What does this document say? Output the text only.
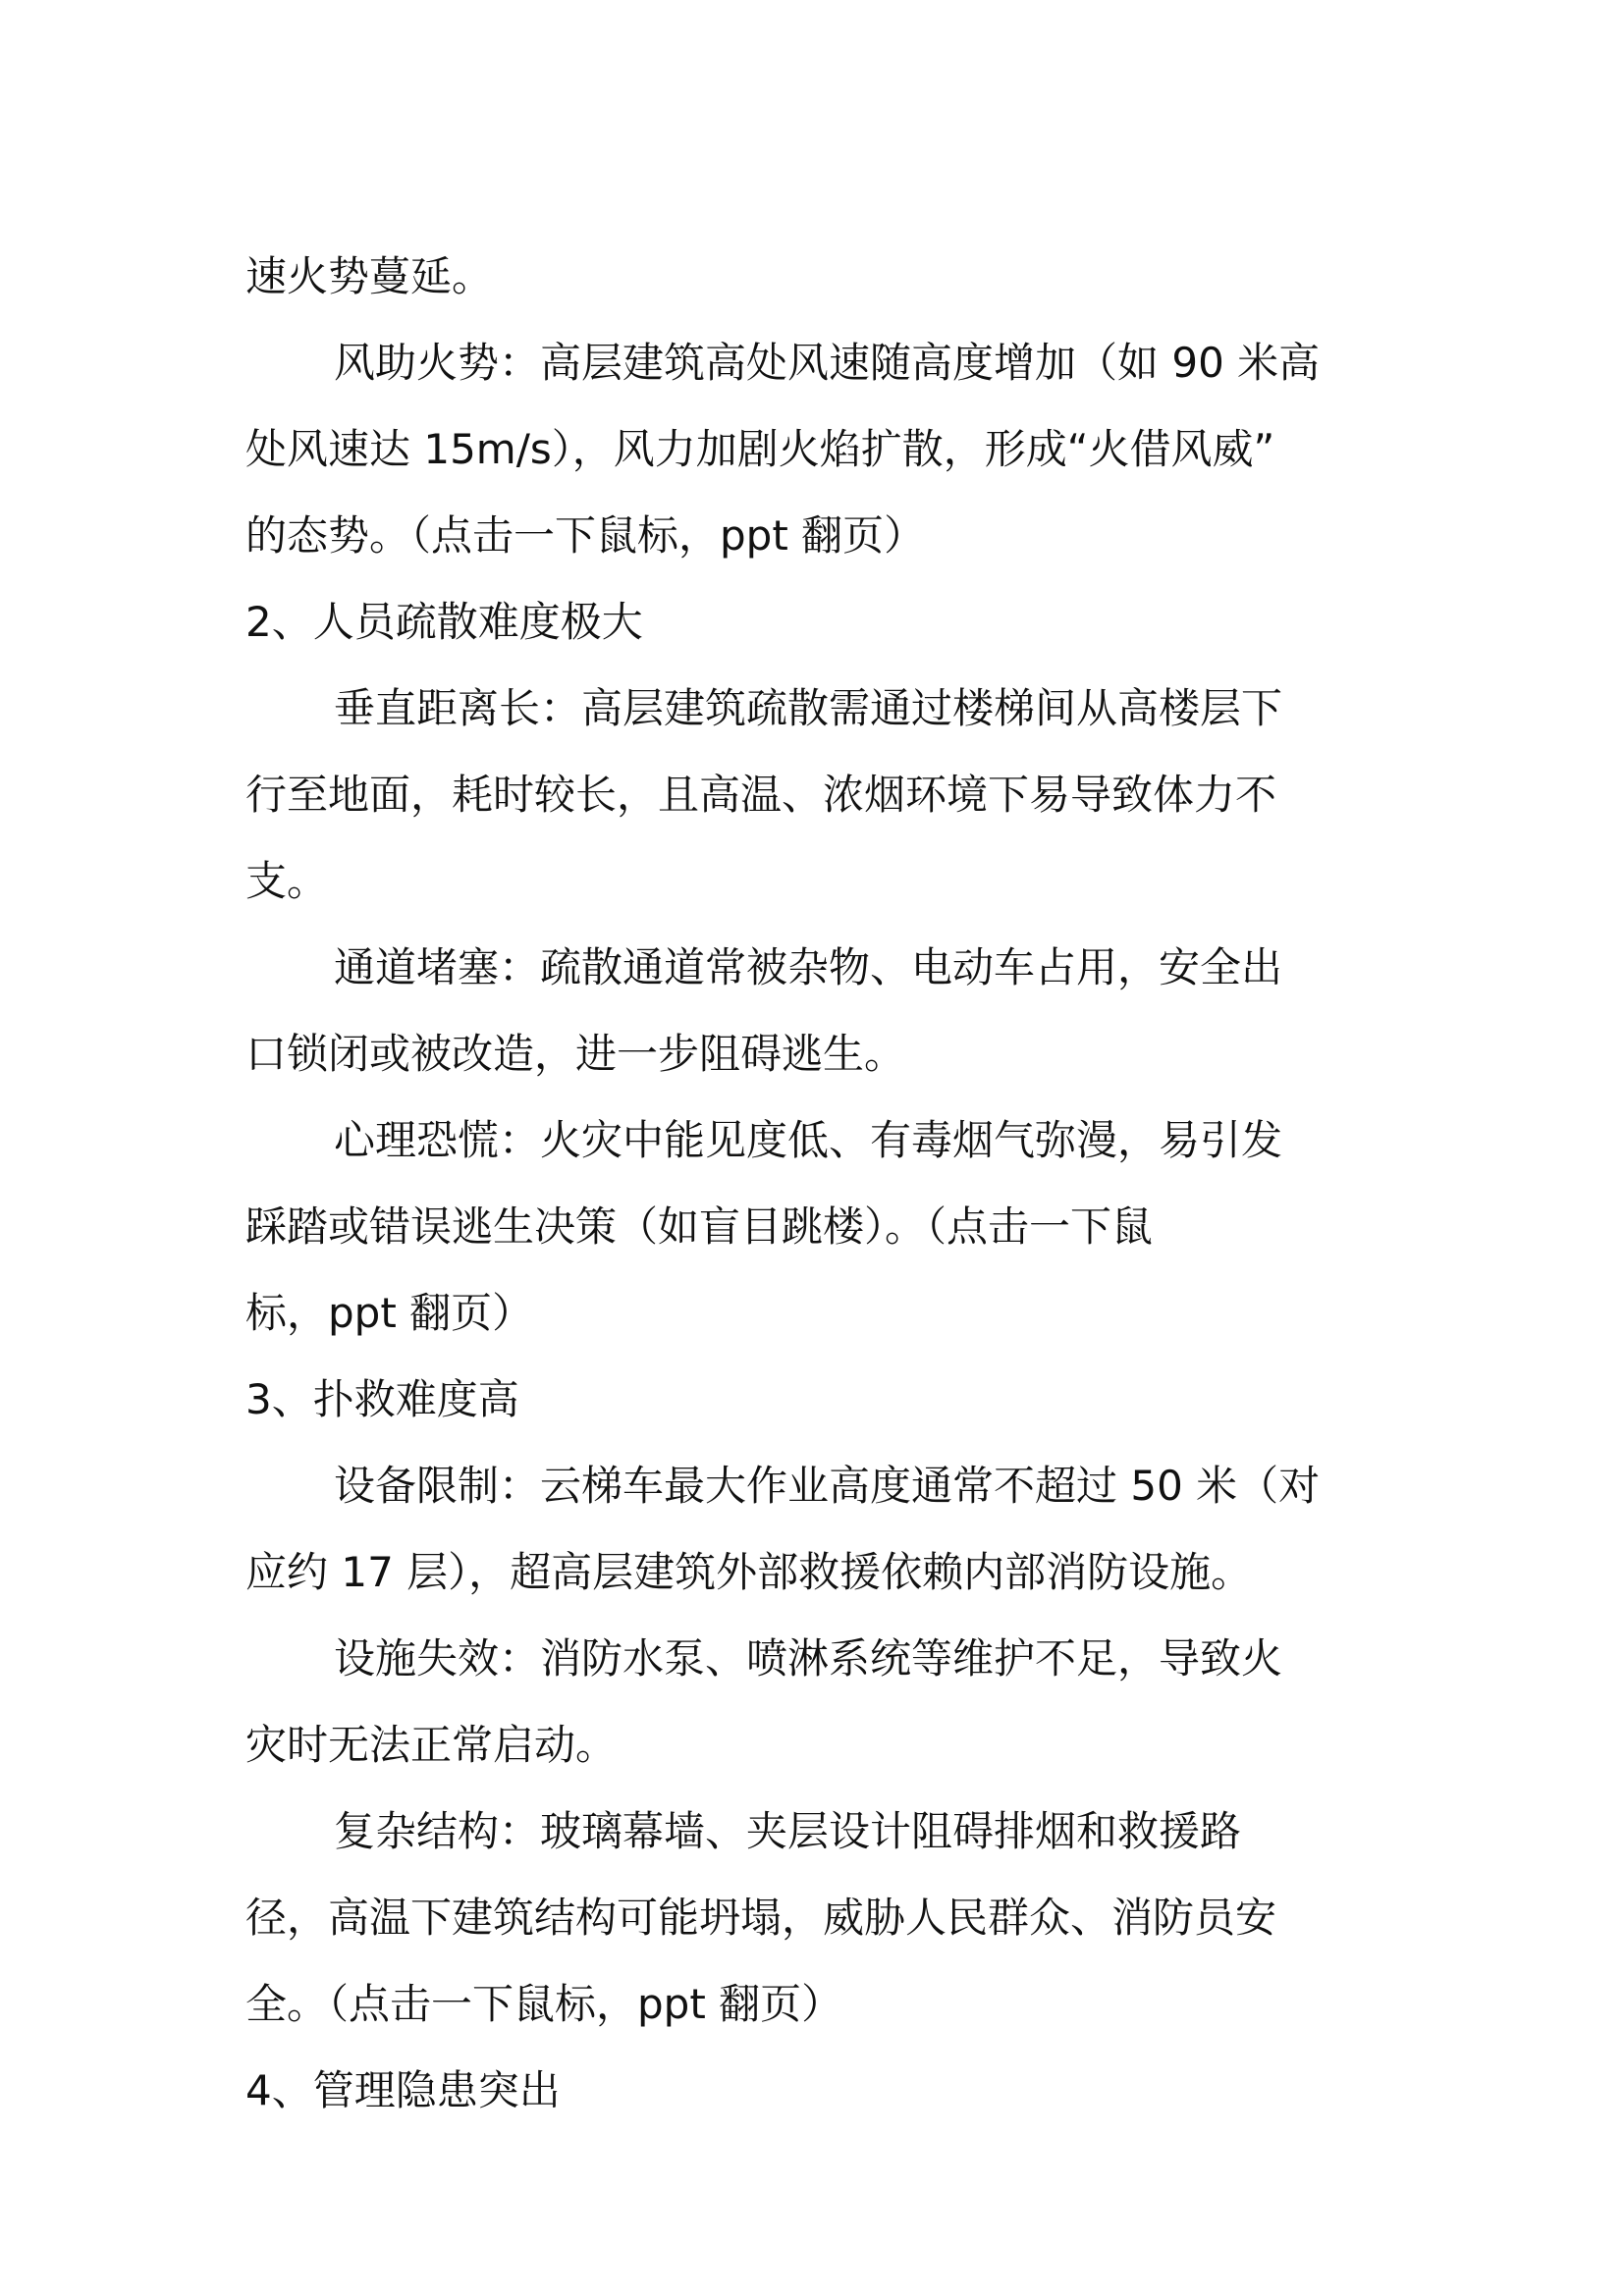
速火势蔓延。

风助火势：高层建筑高处风速随高度增加（如 90 米高

处风速达 15m/s），风力加剧火焰扩散，形成“火借风威”

的态势。（点击一下鼠标，ppt 翻页）

2、人员疏散难度极大

垂直距离长：高层建筑疏散需通过楼梯间从高楼层下

行至地面，耗时较长，且高温、浓烟环境下易导致体力不

支。

通道堵塞：疏散通道常被杂物、电动车占用，安全出

口锁闭或被改造，进一步阻碍逃生。

心理恐慌：火灾中能见度低、有毒烟气弥漫，易引发

踩踏或错误逃生决策（如盲目跳楼）。（点击一下鼠

标，ppt 翻页）

3、扑救难度高

设备限制：云梯车最大作业高度通常不超过 50 米（对

应约 17 层），超高层建筑外部救援依赖内部消防设施。

设施失效：消防水泵、喷淋系统等维护不足，导致火

灾时无法正常启动。

复杂结构：玻璃幕墙、夹层设计阻碍排烟和救援路

径，高温下建筑结构可能坍塌，威胁人民群众、消防员安

全。（点击一下鼠标，ppt 翻页）

4、管理隐患突出
